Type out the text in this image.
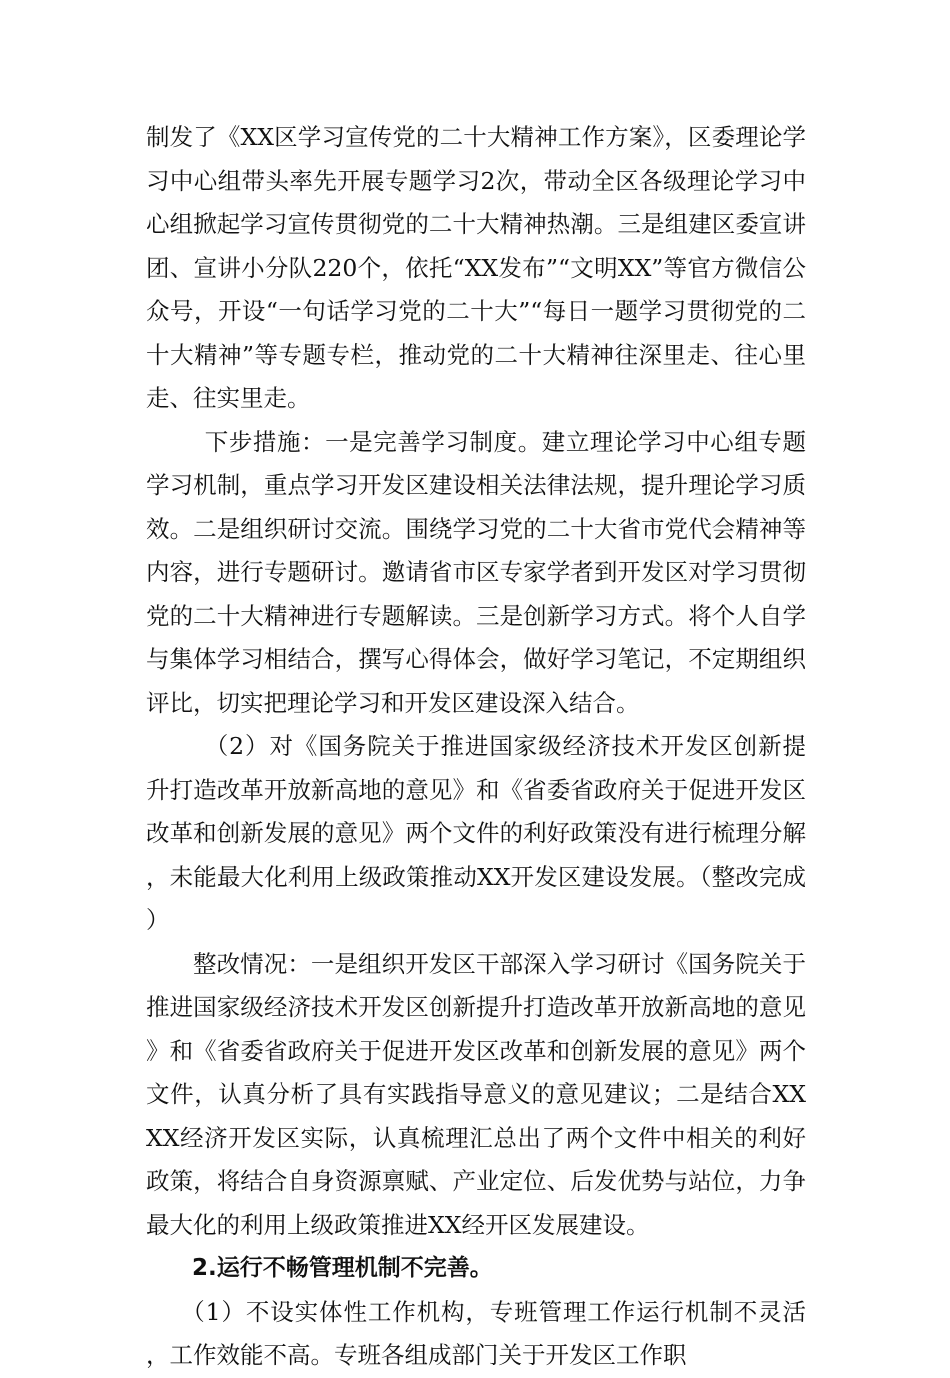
制发了《XX区学习宣传党的二十大精神工作方案》，区委理论学习中心组带头率先开展专题学习2次，带动全区各级理论学习中心组掀起学习宣传贯彻党的二十大精神热潮。三是组建区委宣讲团、宣讲小分队220个，依托“XX发布”“文明XX”等官方微信公众号，开设“一句话学习党的二十大”“每日一题学习贯彻党的二十大精神”等专题专栏，推动党的二十大精神往深里走、往心里走、往实里走。

下步措施：一是完善学习制度。建立理论学习中心组专题学习机制，重点学习开发区建设相关法律法规，提升理论学习质效。二是组织研讨交流。围绕学习党的二十大省市党代会精神等内容，进行专题研讨。邀请省市区专家学者到开发区对学习贯彻党的二十大精神进行专题解读。三是创新学习方式。将个人自学与集体学习相结合，撰写心得体会，做好学习笔记，不定期组织评比，切实把理论学习和开发区建设深入结合。

（2）对《国务院关于推进国家级经济技术开发区创新提升打造改革开放新高地的意见》和《省委省政府关于促进开发区改革和创新发展的意见》两个文件的利好政策没有进行梳理分解，未能最大化利用上级政策推动XX开发区建设发展。（整改完成）

整改情况：一是组织开发区干部深入学习研讨《国务院关于推进国家级经济技术开发区创新提升打造改革开放新高地的意见》和《省委省政府关于促进开发区改革和创新发展的意见》两个文件，认真分析了具有实践指导意义的意见建议；二是结合XXXX经济开发区实际，认真梳理汇总出了两个文件中相关的利好政策，将结合自身资源禀赋、产业定位、后发优势与站位，力争最大化的利用上级政策推进XX经开区发展建设。

2.运行不畅管理机制不完善。

（1）不设实体性工作机构，专班管理工作运行机制不灵活，工作效能不高。专班各组成部门关于开发区工作职
